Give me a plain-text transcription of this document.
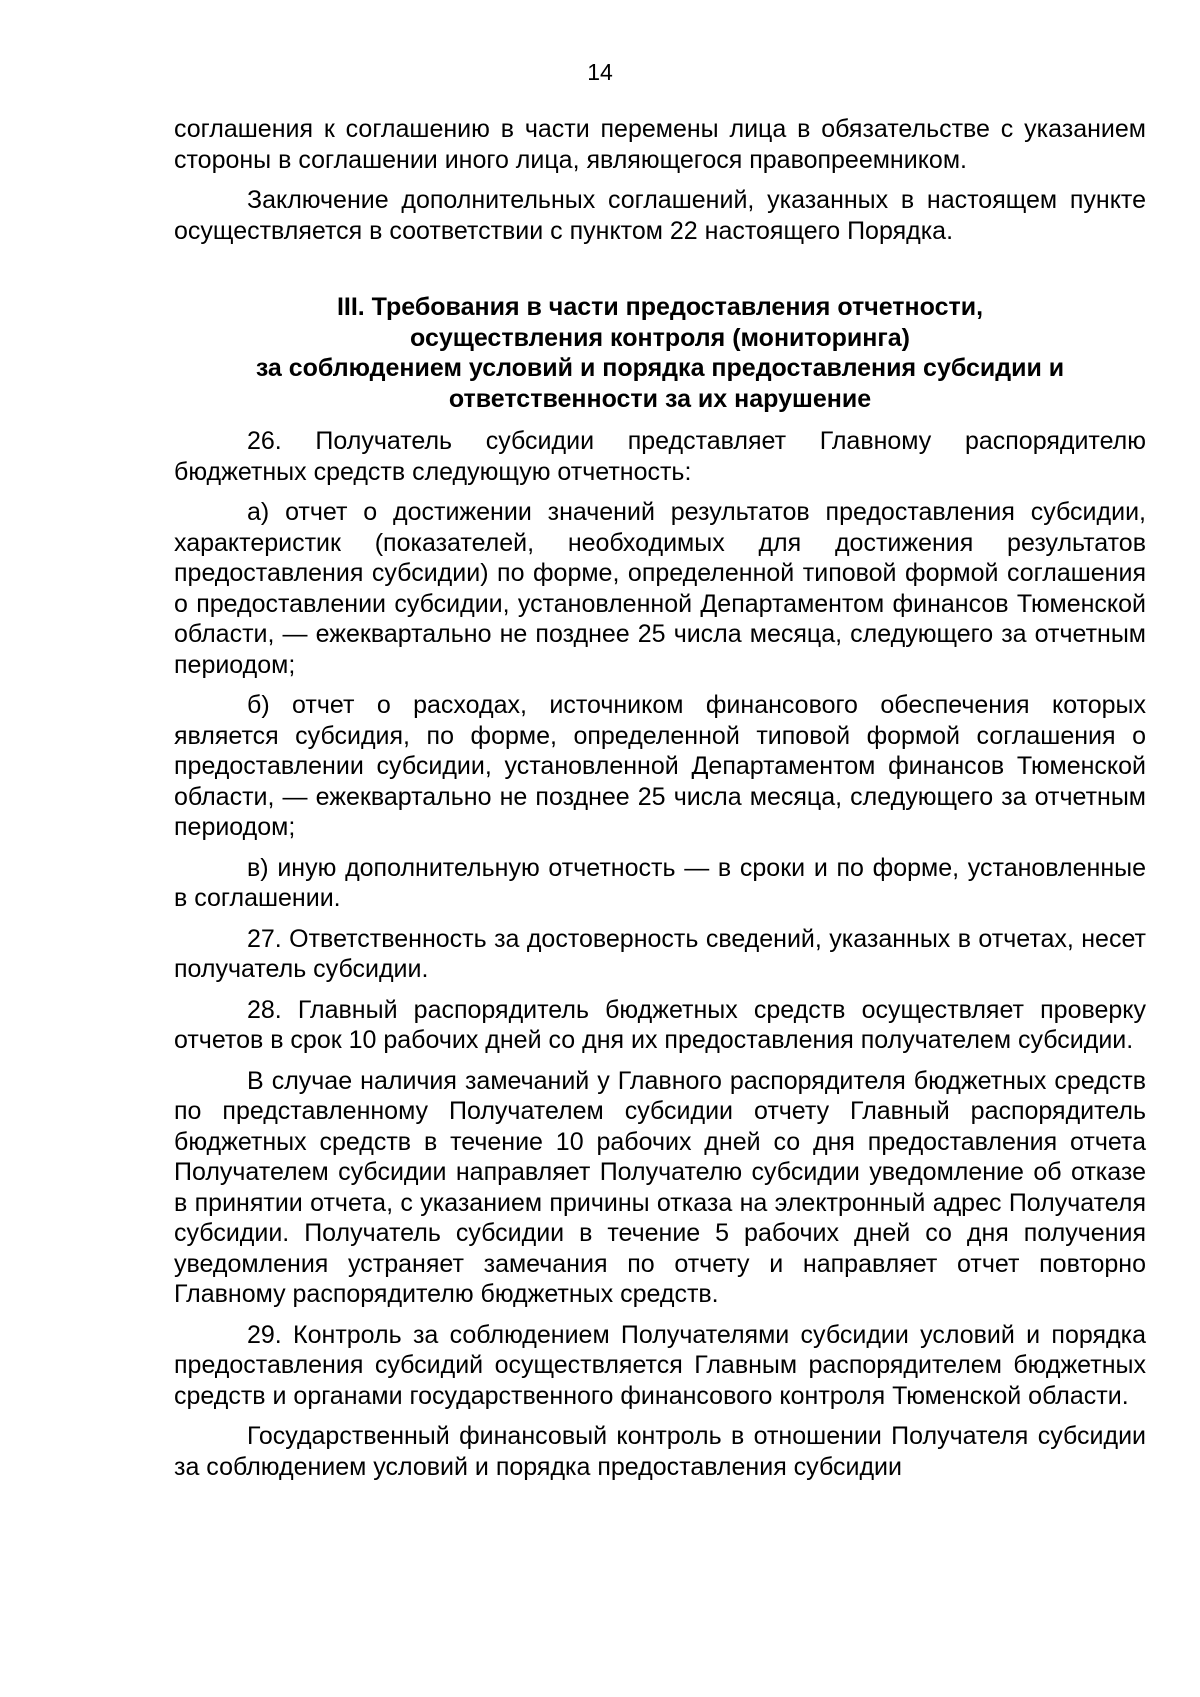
14

соглашения к соглашению в части перемены лица в обязательстве с указанием стороны в соглашении иного лица, являющегося правопреемником.

Заключение дополнительных соглашений, указанных в настоящем пункте осуществляется в соответствии с пунктом 22 настоящего Порядка.

III. Требования в части предоставления отчетности,
осуществления контроля (мониторинга)
за соблюдением условий и порядка предоставления субсидии и
ответственности за их нарушение

26. Получатель субсидии представляет Главному распорядителю бюджетных средств следующую отчетность:

а) отчет о достижении значений результатов предоставления субсидии, характеристик (показателей, необходимых для достижения результатов предоставления субсидии) по форме, определенной типовой формой соглашения о предоставлении субсидии, установленной Департаментом финансов Тюменской области, — ежеквартально не позднее 25 числа месяца, следующего за отчетным периодом;

б) отчет о расходах, источником финансового обеспечения которых является субсидия, по форме, определенной типовой формой соглашения о предоставлении субсидии, установленной Департаментом финансов Тюменской области, — ежеквартально не позднее 25 числа месяца, следующего за отчетным периодом;

в) иную дополнительную отчетность — в сроки и по форме, установленные в соглашении.

27. Ответственность за достоверность сведений, указанных в отчетах, несет получатель субсидии.

28. Главный распорядитель бюджетных средств осуществляет проверку отчетов в срок 10 рабочих дней со дня их предоставления получателем субсидии.

В случае наличия замечаний у Главного распорядителя бюджетных средств по представленному Получателем субсидии отчету Главный распорядитель бюджетных средств в течение 10 рабочих дней со дня предоставления отчета Получателем субсидии направляет Получателю субсидии уведомление об отказе в принятии отчета, с указанием причины отказа на электронный адрес Получателя субсидии. Получатель субсидии в течение 5 рабочих дней со дня получения уведомления устраняет замечания по отчету и направляет отчет повторно Главному распорядителю бюджетных средств.

29. Контроль за соблюдением Получателями субсидии условий и порядка предоставления субсидий осуществляется Главным распорядителем бюджетных средств и органами государственного финансового контроля Тюменской области.

Государственный финансовый контроль в отношении Получателя субсидии за соблюдением условий и порядка предоставления субсидии
